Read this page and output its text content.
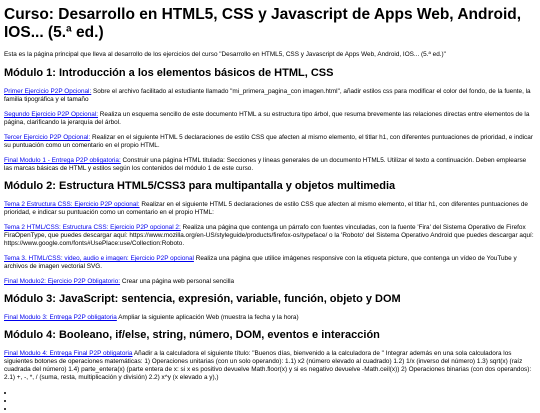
Curso: Desarrollo en HTML5, CSS y Javascript de Apps Web, Android, IOS... (5.ª ed.)

Esta es la página principal que lleva al desarrollo de los ejercicios del curso "Desarrollo en HTML5, CSS y Javascript de Apps Web, Android, IOS... (5.ª ed.)"

Módulo 1: Introducción a los elementos básicos de HTML, CSS

Primer Ejercicio P2P Opcional: Sobre el archivo facilitado al estudiante llamado "mi_primera_pagina_con imagen.html", añadir estilos css para modificar el color del fondo, de la fuente, la familia tipográfica y el tamaño

Segundo Ejercicio P2P Opcional: Realiza un esquema sencillo de este documento HTML a su estructura tipo árbol, que resuma brevemente las relaciones directas entre elementos de la página, clarificando la jerarquía del árbol.

Tercer Ejercicio P2P Opcional: Realizar en el siguiente HTML 5 declaraciones de estilo CSS que afecten al mismo elemento, el titlar h1, con diferentes puntuaciones de prioridad, e indicar su puntuación como un comentario en el propio HTML.

Final Modulo 1 - Entrega P2P obligatoria: Construir una página HTML titulada: Secciones y líneas generales de un documento HTML5. Utilizar el texto a continuación. Deben emplearse las marcas básicas de HTML y estilos según los contenidos del módulo 1 de este curso.

Módulo 2: Estructura HTML5/CSS3 para multipantalla y objetos multimedia

Tema 2 Estructura CSS: Ejercicio P2P opcional: Realizar en el siguiente HTML 5 declaraciones de estilo CSS que afecten al mismo elemento, el titlar h1, con diferentes puntuaciones de prioridad, e indicar su puntuación como un comentario en el propio HTML:

Tema 2 HTML/CSS: Estructura CSS: Ejercicio P2P opcional 2: Realiza una página que contenga un párrafo con fuentes vinculadas, con la fuente 'Fira' del Sistema Operativo de Firefox FiraOpenType, que puedes descargar aquí: https://www.mozilla.org/en-US/styleguide/products/firefox-os/typeface/ o la 'Roboto' del Sistema Operativo Android que puedes descargar aquí: https://www.google.com/fonts#UsePlace:use/Collection:Roboto.

Tema 3. HTML/CSS: video, audio e imagen: Ejercicio P2P opcional Realiza una página que utilice imágenes responsive con la etiqueta picture, que contenga un vídeo de YouTube y archivos de imagen vectorial SVG.

Final Modulo2: Ejercicio P2P Obligatorio: Crear una página web personal sencilla

Módulo 3: JavaScript: sentencia, expresión, variable, función, objeto y DOM

Final Modulo 3: Entrega P2P obligatoria Ampliar la siguiente aplicación Web (muestra la fecha y la hora)

Módulo 4: Booleano, if/else, string, número, DOM, eventos e interacción

Final Modulo 4: Entrega Final P2P obligatoria Añadir a la calculadora el siguiente título: "Buenos días, bienvenido a la calculadora de " Integrar además en una sola calculadora los siguientes botones de operaciones matemáticas: 1) Operaciones unitarias (con un solo operando): 1.1) x2 (número elevado al cuadrado) 1.2) 1/x (inverso del número) 1.3) sqrt(x) (raíz cuadrada del número) 1.4) parte_entera(x) (parte entera de x: si x es positivo devuelve Math.floor(x) y si es negativo devuelve -Math.ceil(x)) 2) Operaciones binarias (con dos operandos): 2.1) +, -, *, / (suma, resta, multiplicación y división) 2.2) x^y (x elevado a y),)

•
•
•
